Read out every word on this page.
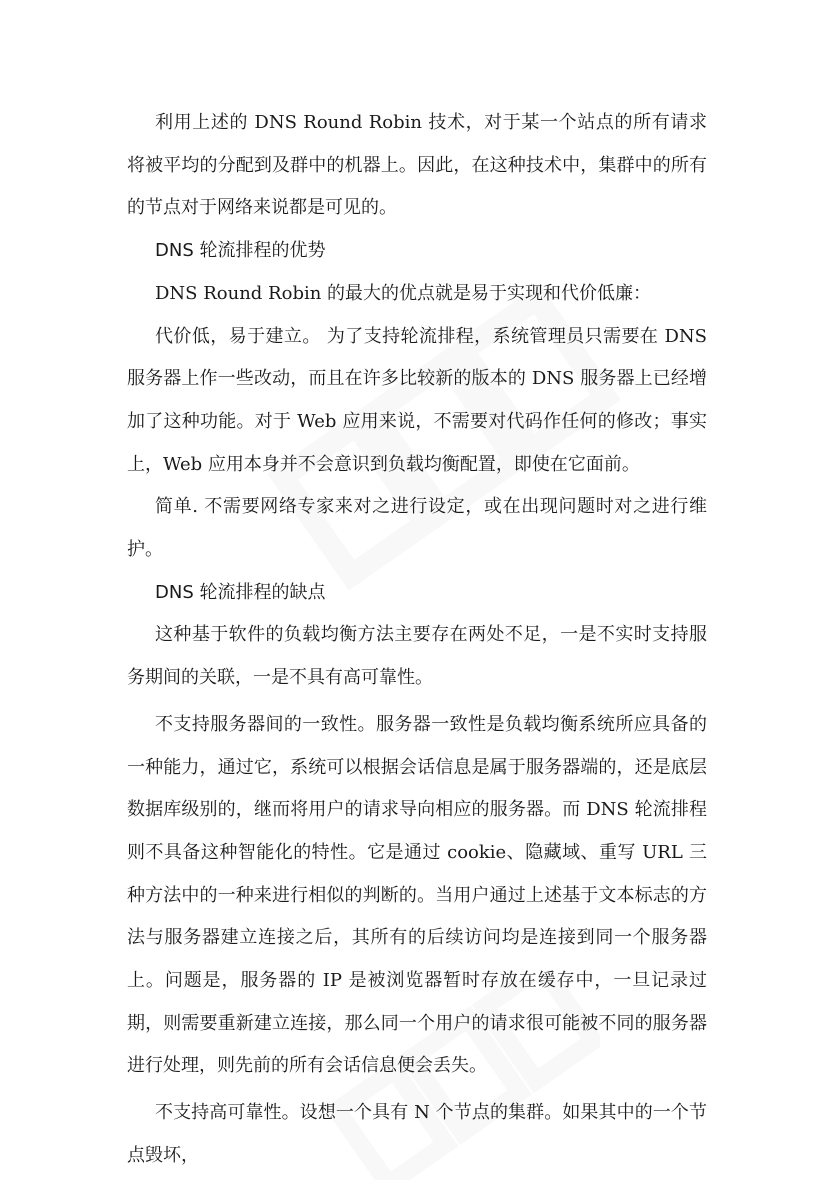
利用上述的 DNS Round Robin 技术，对于某一个站点的所有请求将被平均的分配到及群中的机器上。因此，在这种技术中，集群中的所有的节点对于网络来说都是可见的。

DNS 轮流排程的优势

DNS Round Robin 的最大的优点就是易于实现和代价低廉：

代价低，易于建立。 为了支持轮流排程，系统管理员只需要在 DNS 服务器上作一些改动，而且在许多比较新的版本的 DNS 服务器上已经增加了这种功能。对于 Web 应用来说，不需要对代码作任何的修改；事实上，Web 应用本身并不会意识到负载均衡配置，即使在它面前。

简单. 不需要网络专家来对之进行设定，或在出现问题时对之进行维护。

DNS 轮流排程的缺点

这种基于软件的负载均衡方法主要存在两处不足，一是不实时支持服务期间的关联，一是不具有高可靠性。

不支持服务器间的一致性。服务器一致性是负载均衡系统所应具备的一种能力，通过它，系统可以根据会话信息是属于服务器端的，还是底层数据库级别的，继而将用户的请求导向相应的服务器。而 DNS 轮流排程则不具备这种智能化的特性。它是通过 cookie、隐藏域、重写 URL 三种方法中的一种来进行相似的判断的。当用户通过上述基于文本标志的方法与服务器建立连接之后，其所有的后续访问均是连接到同一个服务器上。问题是，服务器的 IP 是被浏览器暂时存放在缓存中，一旦记录过期，则需要重新建立连接，那么同一个用户的请求很可能被不同的服务器进行处理，则先前的所有会话信息便会丢失。

不支持高可靠性。设想一个具有 N 个节点的集群。如果其中的一个节点毁坏，
